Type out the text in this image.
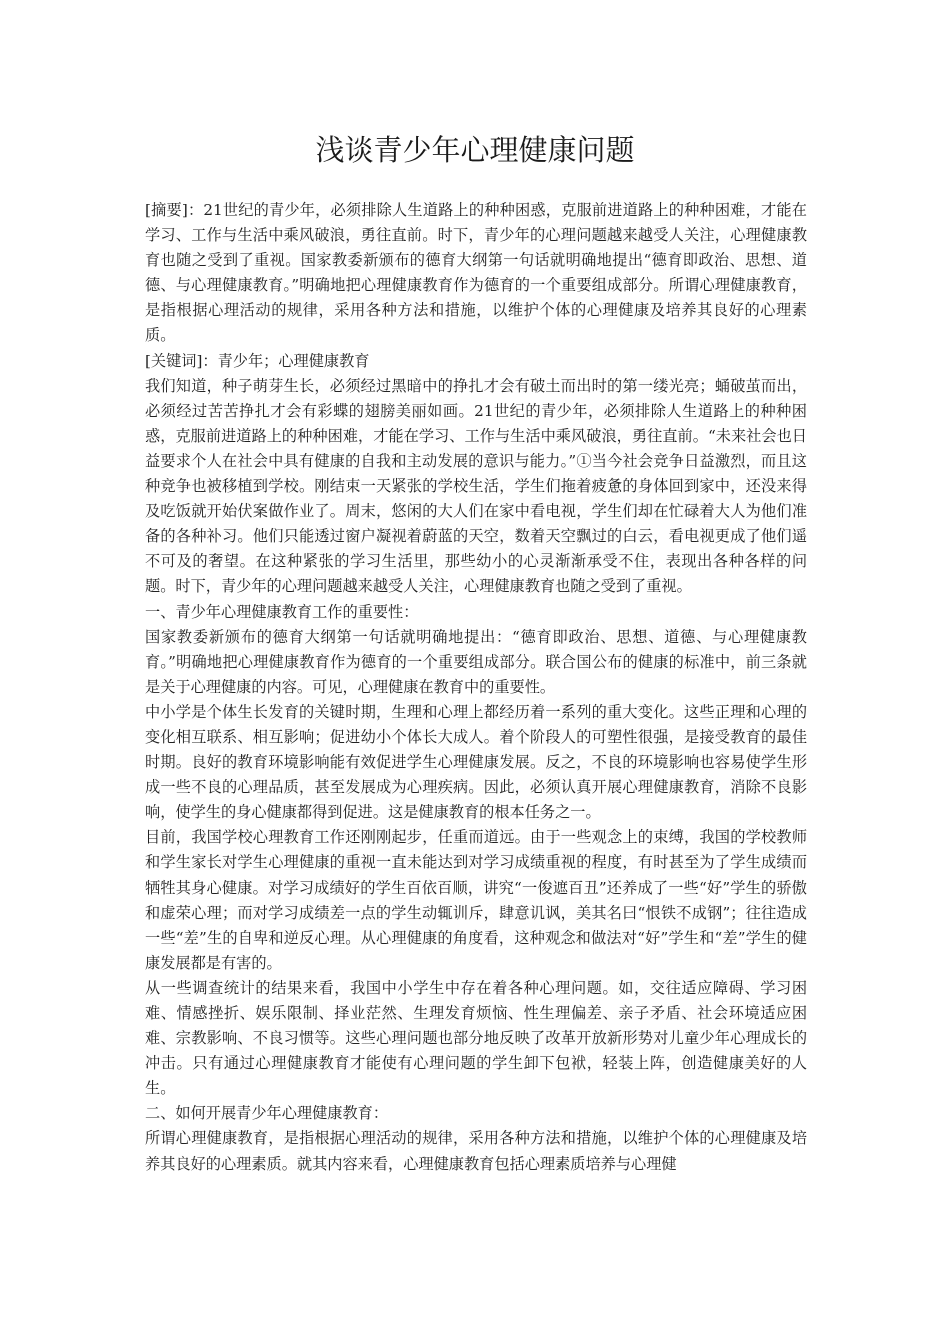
浅谈青少年心理健康问题

[摘要]：21世纪的青少年，必须排除人生道路上的种种困惑，克服前进道路上的种种困难，才能在学习、工作与生活中乘风破浪，勇往直前。时下，青少年的心理问题越来越受人关注，心理健康教育也随之受到了重视。国家教委新颁布的德育大纲第一句话就明确地提出“德育即政治、思想、道德、与心理健康教育。”明确地把心理健康教育作为德育的一个重要组成部分。所谓心理健康教育，是指根据心理活动的规律，采用各种方法和措施，以维护个体的心理健康及培养其良好的心理素质。

[关键词]：青少年；心理健康教育

我们知道，种子萌芽生长，必须经过黑暗中的挣扎才会有破土而出时的第一缕光亮；蛹破茧而出，必须经过苦苦挣扎才会有彩蝶的翅膀美丽如画。21世纪的青少年，必须排除人生道路上的种种困惑，克服前进道路上的种种困难，才能在学习、工作与生活中乘风破浪，勇往直前。“未来社会也日益要求个人在社会中具有健康的自我和主动发展的意识与能力。”①当今社会竞争日益激烈，而且这种竞争也被移植到学校。刚结束一天紧张的学校生活，学生们拖着疲惫的身体回到家中，还没来得及吃饭就开始伏案做作业了。周末，悠闲的大人们在家中看电视，学生们却在忙碌着大人为他们准备的各种补习。他们只能透过窗户凝视着蔚蓝的天空，数着天空飘过的白云，看电视更成了他们遥不可及的奢望。在这种紧张的学习生活里，那些幼小的心灵渐渐承受不住，表现出各种各样的问题。时下，青少年的心理问题越来越受人关注，心理健康教育也随之受到了重视。

一、青少年心理健康教育工作的重要性：

国家教委新颁布的德育大纲第一句话就明确地提出：“德育即政治、思想、道德、与心理健康教育。”明确地把心理健康教育作为德育的一个重要组成部分。联合国公布的健康的标准中，前三条就是关于心理健康的内容。可见，心理健康在教育中的重要性。

中小学是个体生长发育的关键时期，生理和心理上都经历着一系列的重大变化。这些正理和心理的变化相互联系、相互影响；促进幼小个体长大成人。着个阶段人的可塑性很强，是接受教育的最佳时期。良好的教育环境影响能有效促进学生心理健康发展。反之，不良的环境影响也容易使学生形成一些不良的心理品质，甚至发展成为心理疾病。因此，必须认真开展心理健康教育，消除不良影响，使学生的身心健康都得到促进。这是健康教育的根本任务之一。

目前，我国学校心理教育工作还刚刚起步，任重而道远。由于一些观念上的束缚，我国的学校教师和学生家长对学生心理健康的重视一直未能达到对学习成绩重视的程度，有时甚至为了学生成绩而牺牲其身心健康。对学习成绩好的学生百依百顺，讲究“一俊遮百丑”还养成了一些“好”学生的骄傲和虚荣心理；而对学习成绩差一点的学生动辄训斥，肆意讥讽，美其名曰“恨铁不成钢”；往往造成一些“差”生的自卑和逆反心理。从心理健康的角度看，这种观念和做法对“好”学生和“差”学生的健康发展都是有害的。

从一些调查统计的结果来看，我国中小学生中存在着各种心理问题。如，交往适应障碍、学习困难、情感挫折、娱乐限制、择业茫然、生理发育烦恼、性生理偏差、亲子矛盾、社会环境适应困难、宗教影响、不良习惯等。这些心理问题也部分地反映了改革开放新形势对儿童少年心理成长的冲击。只有通过心理健康教育才能使有心理问题的学生卸下包袱，轻装上阵，创造健康美好的人生。

二、如何开展青少年心理健康教育：

所谓心理健康教育，是指根据心理活动的规律，采用各种方法和措施，以维护个体的心理健康及培养其良好的心理素质。就其内容来看，心理健康教育包括心理素质培养与心理健
